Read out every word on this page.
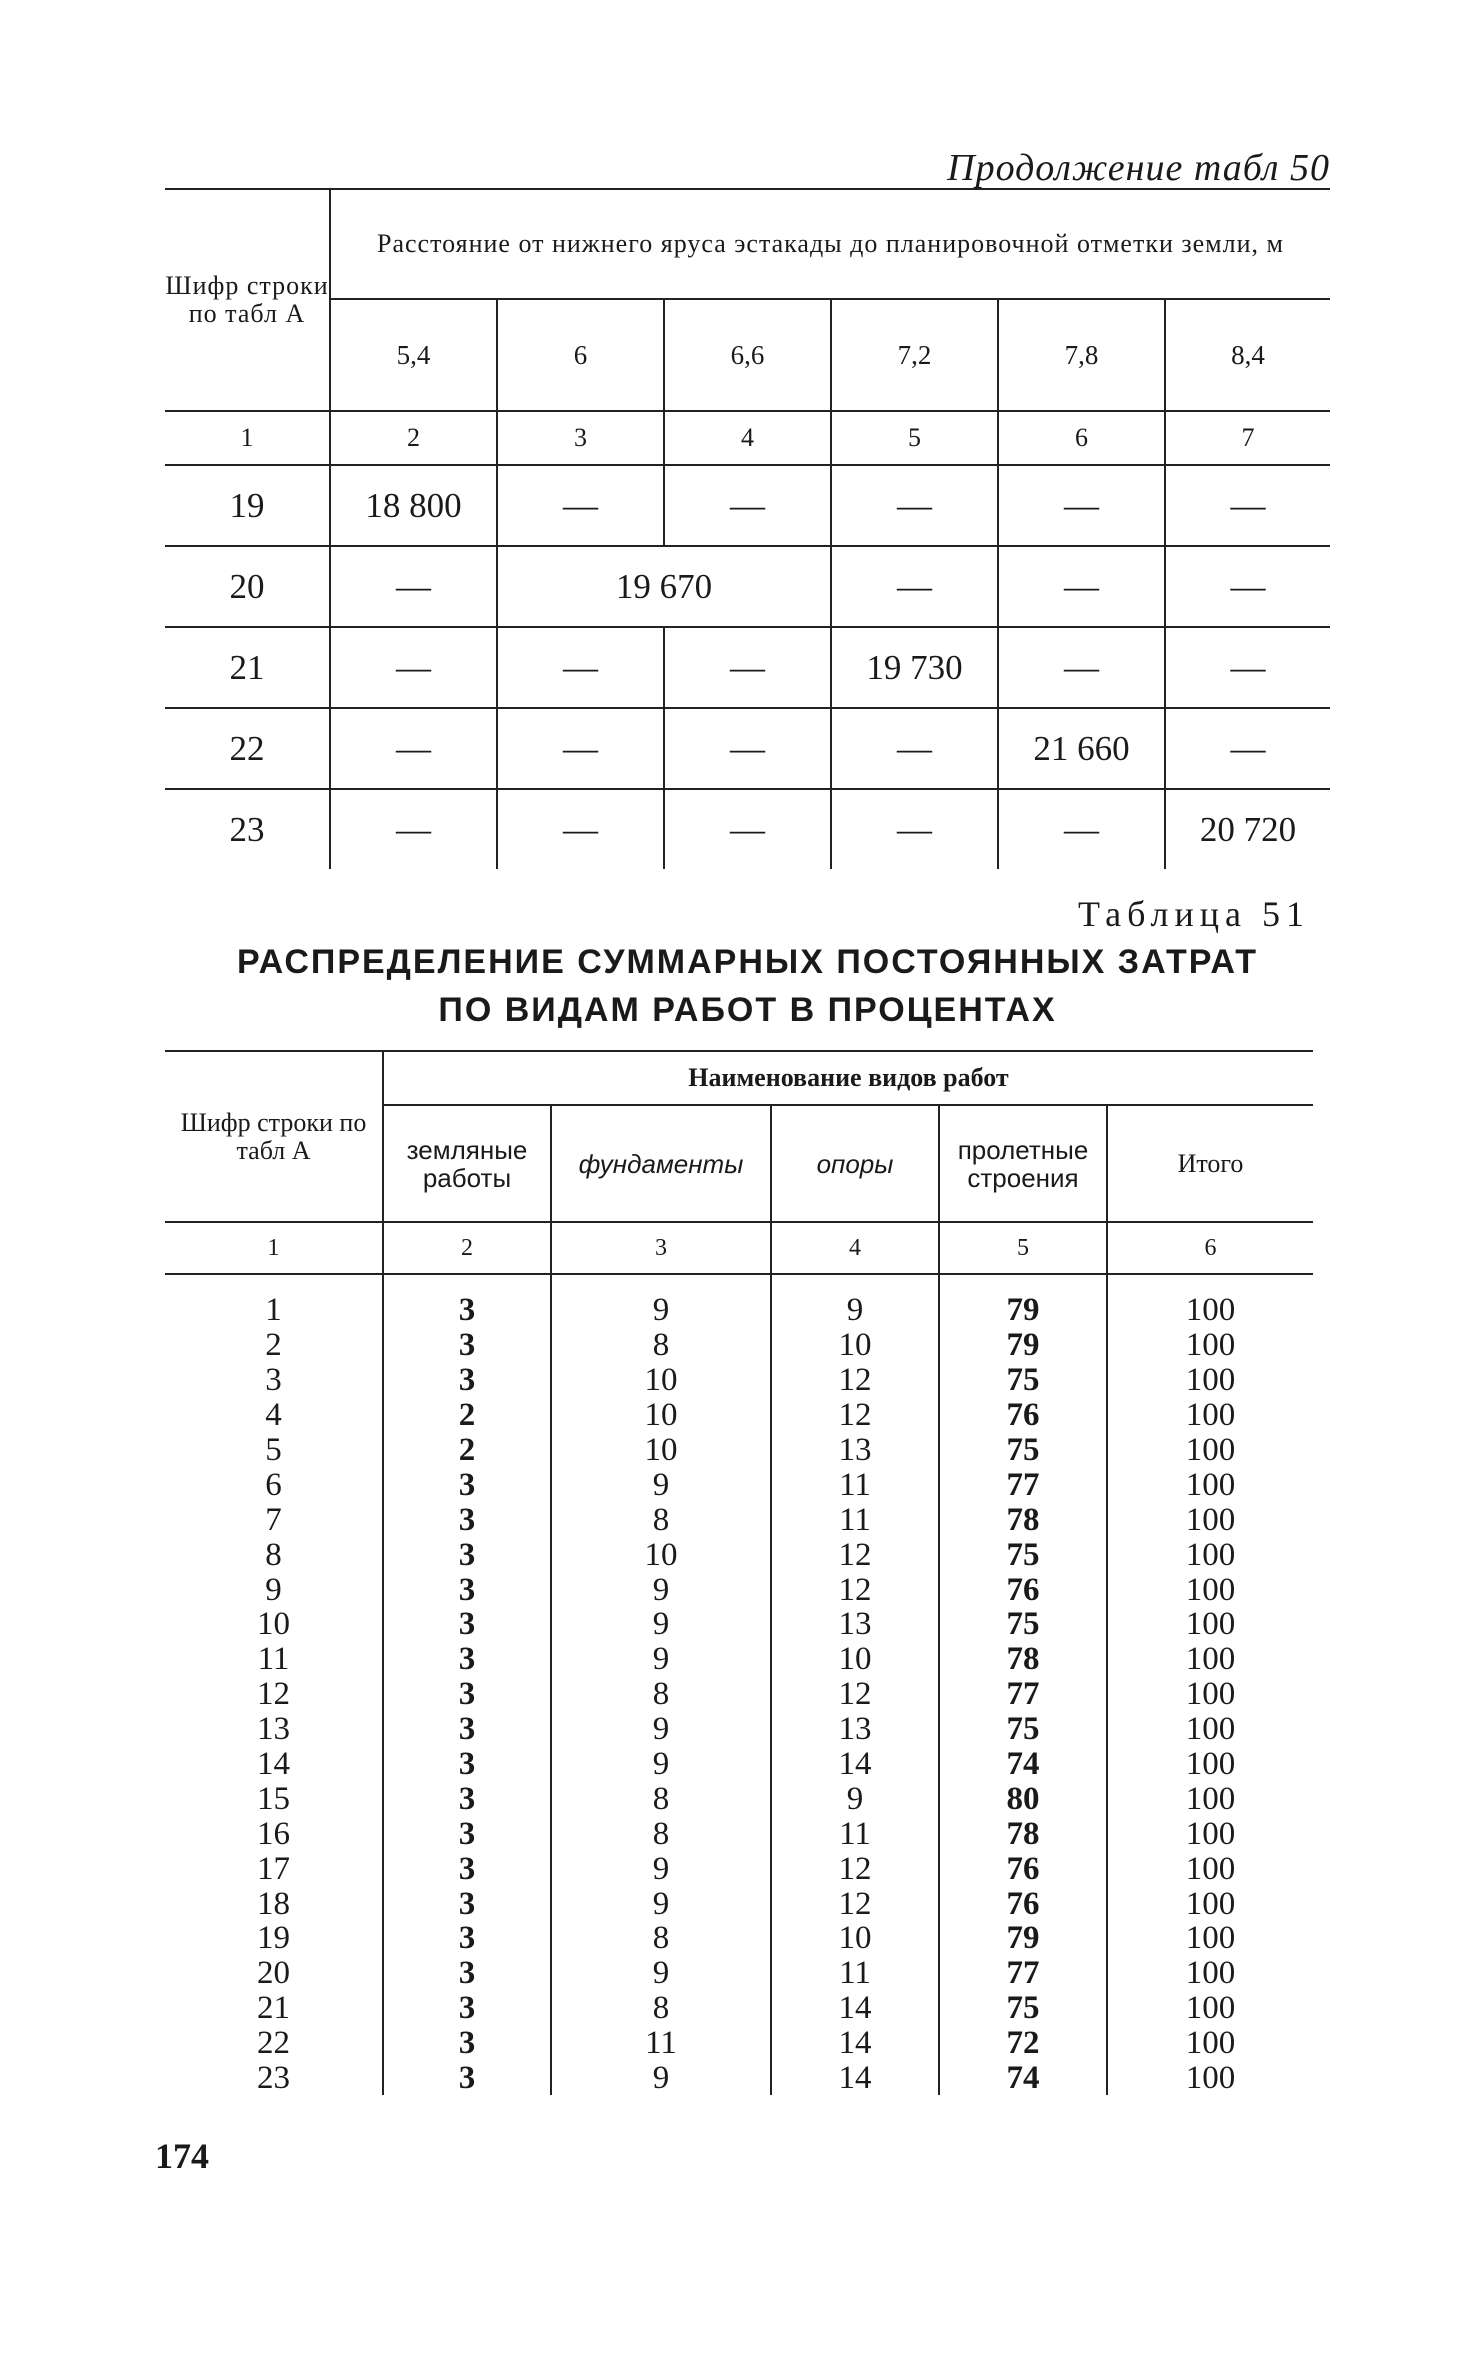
Продолжение табл 50
Шифр строки по табл А	Расстояние от нижнего яруса эстакады до планировочной отметки земли, м					
	5,4	6	6,6	7,2	7,8	8,4
1	2	3	4	5	6	7
19	18 800	—	—	—	—	—
20	—	19 670		—	—	—
21	—	—	—	19 730	—	—
22	—	—	—	—	21 660	—
23	—	—	—	—	—	20 720
Таблица 51
РАСПРЕДЕЛЕНИЕ СУММАРНЫХ ПОСТОЯННЫХ ЗАТРАТ
ПО ВИДАМ РАБОТ В ПРОЦЕНТАХ
Шифр строки по табл А	Наименование видов работ				
	земляные работы	фундаменты	опоры	пролетные строения	Итого
1	2	3	4	5	6

1	3	9	9	79	100
2	3	8	10	79	100
3	3	10	12	75	100
4	2	10	12	76	100
5	2	10	13	75	100
6	3	9	11	77	100
7	3	8	11	78	100
8	3	10	12	75	100
9	3	9	12	76	100
10	3	9	13	75	100
11	3	9	10	78	100
12	3	8	12	77	100
13	3	9	13	75	100
14	3	9	14	74	100
15	3	8	9	80	100
16	3	8	11	78	100
17	3	9	12	76	100
18	3	9	12	76	100
19	3	8	10	79	100
20	3	9	11	77	100
21	3	8	14	75	100
22	3	11	14	72	100
23	3	9	14	74	100
174
